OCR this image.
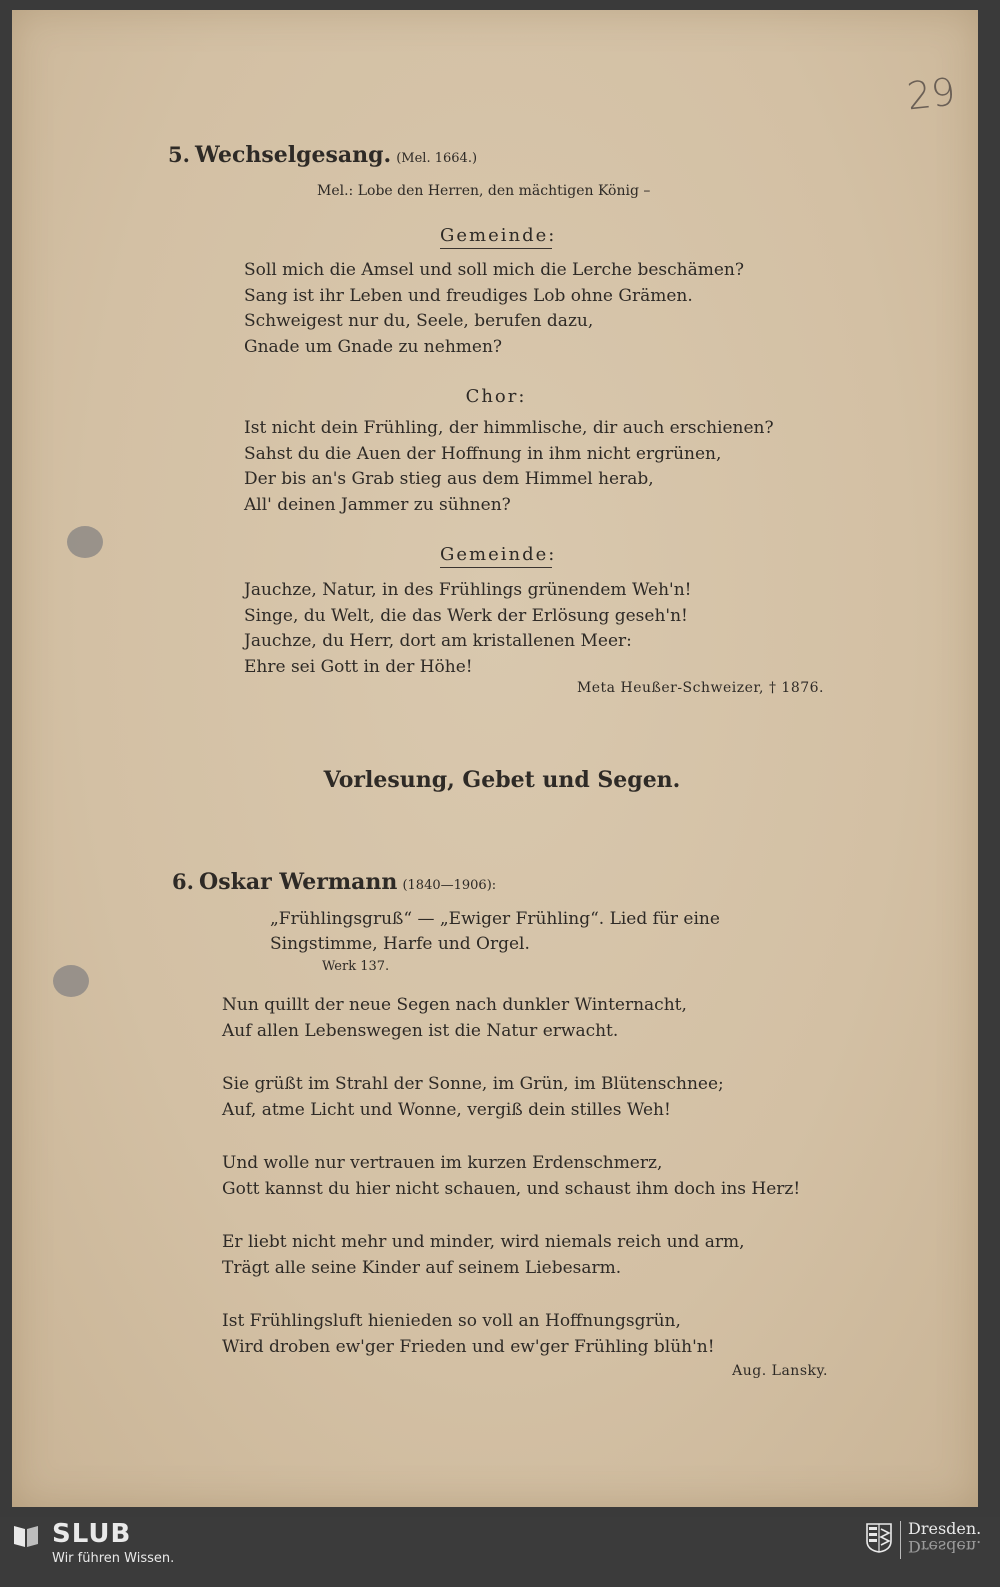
29
5. Wechselgesang. (Mel. 1664.)
Mel.: Lobe den Herren, den mächtigen König –
Gemeinde:
Soll mich die Amsel und soll mich die Lerche beschämen?
Sang ist ihr Leben und freudiges Lob ohne Grämen.
Schweigest nur du, Seele, berufen dazu,
Gnade um Gnade zu nehmen?
Chor:
Ist nicht dein Frühling, der himmlische, dir auch erschienen?
Sahst du die Auen der Hoffnung in ihm nicht ergrünen,
Der bis an's Grab stieg aus dem Himmel herab,
All' deinen Jammer zu sühnen?
Gemeinde:
Jauchze, Natur, in des Frühlings grünendem Weh'n!
Singe, du Welt, die das Werk der Erlösung geseh'n!
Jauchze, du Herr, dort am kristallenen Meer:
Ehre sei Gott in der Höhe!
Meta Heußer-Schweizer, † 1876.
Vorlesung, Gebet und Segen.
6. Oskar Wermann (1840—1906):
„Frühlingsgruß“ — „Ewiger Frühling“. Lied für eine
Singstimme, Harfe und Orgel.
Werk 137.
Nun quillt der neue Segen nach dunkler Winternacht,
Auf allen Lebenswegen ist die Natur erwacht.
Sie grüßt im Strahl der Sonne, im Grün, im Blütenschnee;
Auf, atme Licht und Wonne, vergiß dein stilles Weh!
Und wolle nur vertrauen im kurzen Erdenschmerz,
Gott kannst du hier nicht schauen, und schaust ihm doch ins Herz!
Er liebt nicht mehr und minder, wird niemals reich und arm,
Trägt alle seine Kinder auf seinem Liebesarm.
Ist Frühlingsluft hienieden so voll an Hoffnungsgrün,
Wird droben ew'ger Frieden und ew'ger Frühling blüh'n!
Aug. Lansky.
SLUB
Wir führen Wissen.
Dresden.
Dresden.
